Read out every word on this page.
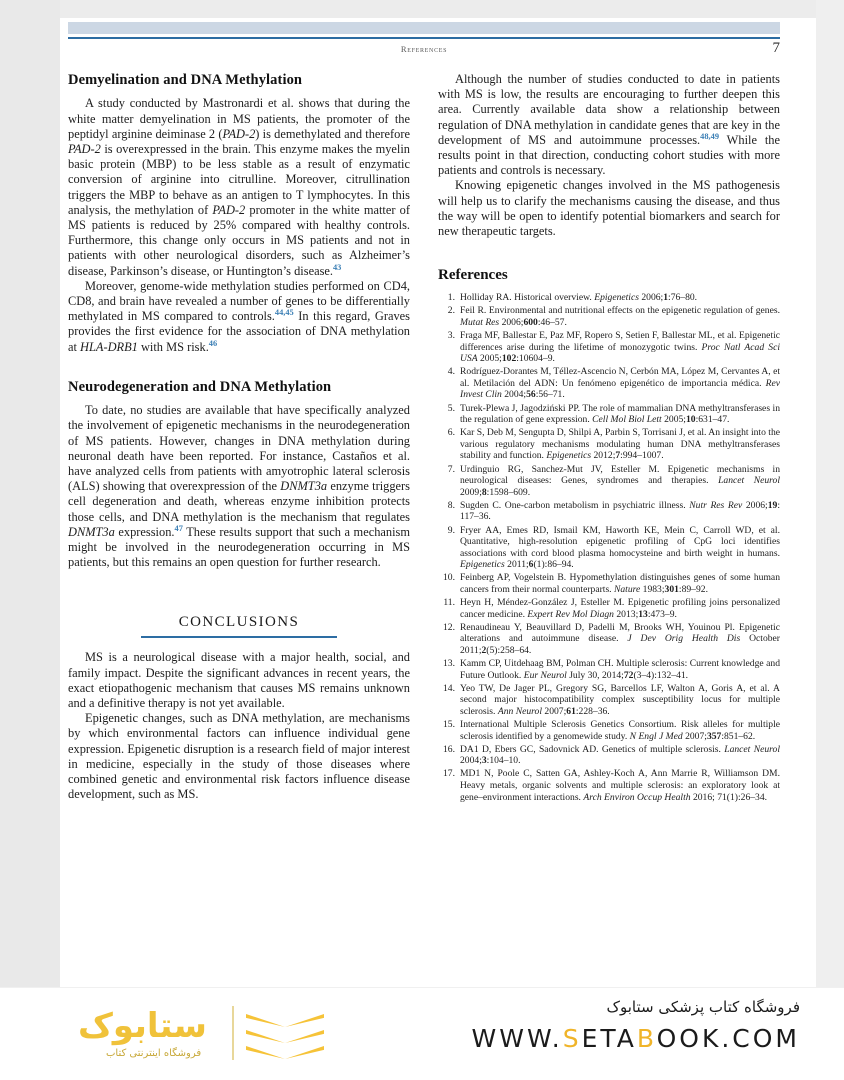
References	7
Demyelination and DNA Methylation

A study conducted by Mastronardi et al. shows that during the white matter demyelination in MS patients, the promoter of the peptidyl arginine deiminase 2 (PAD-2) is demethylated and therefore PAD-2 is overexpressed in the brain. This enzyme makes the myelin basic protein (MBP) to be less stable as a result of enzymatic conversion of arginine into citrulline. Moreover, citrullination triggers the MBP to behave as an antigen to T lymphocytes. In this analysis, the methylation of PAD-2 promoter in the white matter of MS patients is reduced by 25% compared with healthy controls. Furthermore, this change only occurs in MS patients and not in patients with other neurological disorders, such as Alzheimer’s disease, Parkinson’s disease, or Huntington’s disease.$^{43}$

Moreover, genome-wide methylation studies performed on CD4, CD8, and brain have revealed a number of genes to be differentially methylated in MS compared to controls.$^{44,45}$ In this regard, Graves provides the first evidence for the association of DNA methylation at HLA-DRB1 with MS risk.$^{46}$

Neurodegeneration and DNA Methylation

To date, no studies are available that have specifically analyzed the involvement of epigenetic mechanisms in the neurodegeneration of MS patients. However, changes in DNA methylation during neuronal death have been reported. For instance, Castaños et al. have analyzed cells from patients with amyotrophic lateral sclerosis (ALS) showing that overexpression of the DNMT3a enzyme triggers cell degeneration and death, whereas enzyme inhibition protects those cells, and DNA methylation is the mechanism that regulates DNMT3a expression.$^{47}$ These results support that such a mechanism might be involved in the neurodegeneration occurring in MS patients, but this remains an open question for further research.

CONCLUSIONS

MS is a neurological disease with a major health, social, and family impact. Despite the significant advances in recent years, the exact etiopathogenic mechanism that causes MS remains unknown and a definitive therapy is not yet available.

Epigenetic changes, such as DNA methylation, are mechanisms by which environmental factors can influence individual gene expression. Epigenetic disruption is a research field of major interest in medicine, especially in the study of those diseases where combined genetic and environmental risk factors influence disease development, such as MS.

Although the number of studies conducted to date in patients with MS is low, the results are encouraging to further deepen this area. Currently available data show a relationship between regulation of DNA methylation in candidate genes that are key in the development of MS and autoimmune processes.$^{48,49}$ While the results point in that direction, conducting cohort studies with more patients and controls is necessary.

Knowing epigenetic changes involved in the MS pathogenesis will help us to clarify the mechanisms causing the disease, and thus the way will be open to identify potential biomarkers and search for new therapeutic targets.

References
1. Holliday RA. Historical overview. Epigenetics 2006;1:76–80.
2. Feil R. Environmental and nutritional effects on the epigenetic regulation of genes. Mutat Res 2006;600:46–57.
3. Fraga MF, Ballestar E, Paz MF, Ropero S, Setien F, Ballestar ML, et al. Epigenetic differences arise during the lifetime of monozygotic twins. Proc Natl Acad Sci USA 2005;102:10604–9.
4. Rodríguez-Dorantes M, Téllez-Ascencio N, Cerbón MA, López M, Cervantes A, et al. Metilación del ADN: Un fenómeno epigenético de importancia médica. Rev Invest Clin 2004;56:56–71.
5. Turek-Plewa J, Jagodziński PP. The role of mammalian DNA methyltransferases in the regulation of gene expression. Cell Mol Biol Lett 2005;10:631–47.
6. Kar S, Deb M, Sengupta D, Shilpi A, Parbin S, Torrisani J, et al. An insight into the various regulatory mechanisms modulating human DNA methyltransferases stability and function. Epigenetics 2012;7:994–1007.
7. Urdinguio RG, Sanchez-Mut JV, Esteller M. Epigenetic mechanisms in neurological diseases: Genes, syndromes and therapies. Lancet Neurol 2009;8:1598–609.
8. Sugden C. One-carbon metabolism in psychiatric illness. Nutr Res Rev 2006;19: 117–36.
9. Fryer AA, Emes RD, Ismail KM, Haworth KE, Mein C, Carroll WD, et al. Quantitative, high-resolution epigenetic profiling of CpG loci identifies associations with cord blood plasma homocysteine and birth weight in humans. Epigenetics 2011;6(1):86–94.
10. Feinberg AP, Vogelstein B. Hypomethylation distinguishes genes of some human cancers from their normal counterparts. Nature 1983;301:89–92.
11. Heyn H, Méndez-González J, Esteller M. Epigenetic profiling joins personalized cancer medicine. Expert Rev Mol Diagn 2013;13:473–9.
12. Renaudineau Y, Beauvillard D, Padelli M, Brooks WH, Youinou Pl. Epigenetic alterations and autoimmune disease. J Dev Orig Health Dis October 2011;2(5):258–64.
13. Kamm CP, Uitdehaag BM, Polman CH. Multiple sclerosis: Current knowledge and Future Outlook. Eur Neurol July 30, 2014;72(3–4):132–41.
14. Yeo TW, De Jager PL, Gregory SG, Barcellos LF, Walton A, Goris A, et al. A second major histocompatibility complex susceptibility locus for multiple sclerosis. Ann Neurol 2007;61:228–36.
15. International Multiple Sclerosis Genetics Consortium. Risk alleles for multiple sclerosis identified by a genomewide study. N Engl J Med 2007;357:851–62.
16. DA1 D, Ebers GC, Sadovnick AD. Genetics of multiple sclerosis. Lancet Neurol 2004;3:104–10.
17. MD1 N, Poole C, Satten GA, Ashley-Koch A, Ann Marrie R, Williamson DM. Heavy metals, organic solvents and multiple sclerosis: an exploratory look at gene–environment interactions. Arch Environ Occup Health 2016; 71(1):26–34.
ستابوک
فروشگاه اینترنتی کتاب
فروشگاه کتاب پزشکی ستابوک
WWW.SETABOOK.COM
